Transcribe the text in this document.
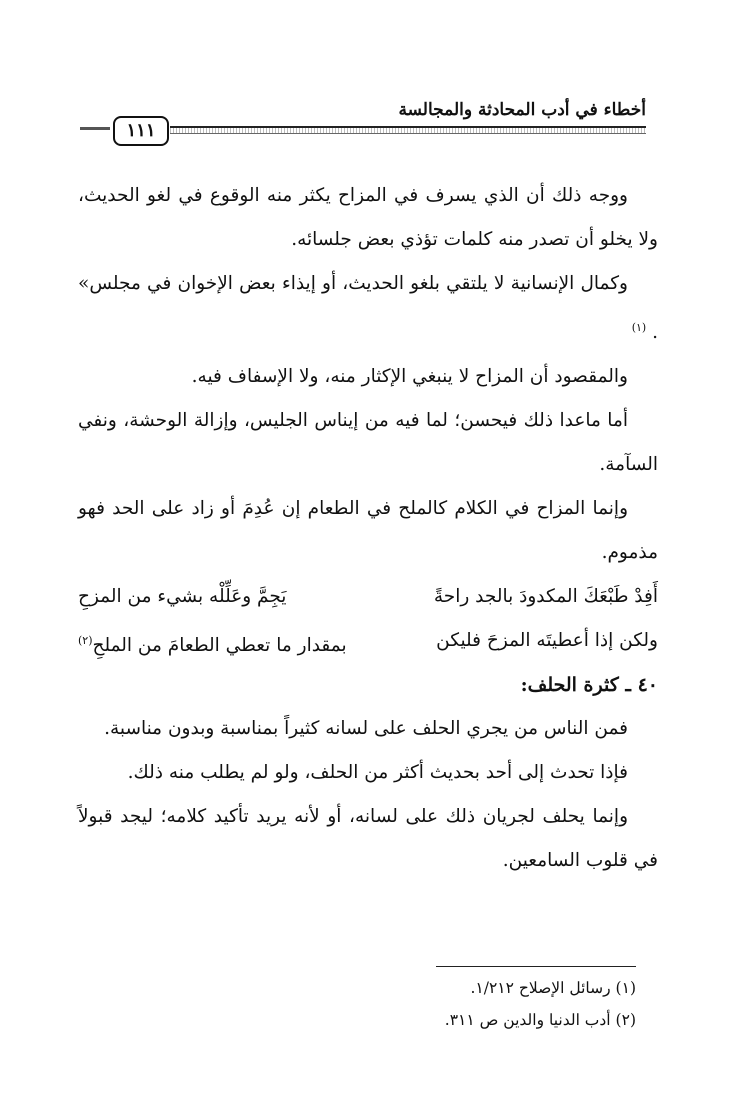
أخطاء في أدب المحادثة والمجالسة
١١١

ووجه ذلك أن الذي يسرف في المزاح يكثر منه الوقوع في لغو الحديث، ولا يخلو أن تصدر منه كلمات تؤذي بعض جلسائه.

وكمال الإنسانية لا يلتقي بلغو الحديث، أو إيذاء بعض الإخوان في مجلس» . $^{(١)}$

والمقصود أن المزاح لا ينبغي الإكثار منه، ولا الإسفاف فيه.

أما ماعدا ذلك فيحسن؛ لما فيه من إيناس الجليس، وإزالة الوحشة، ونفي السآمة.

وإنما المزاح في الكلام كالملح في الطعام إن عُدِمَ أو زاد على الحد فهو مذموم.

أَفِدْ طَبْعَكَ المكدودَ بالجد راحةً
يَجِمَّ وعَلِّلْه بشيء من المزحِ
ولكن إذا أعطيتَه المزحَ فليكن
بمقدار ما تعطي الطعامَ من الملحِ$^{(٢)}$

٤٠ ـ كثرة الحلف:

فمن الناس من يجري الحلف على لسانه كثيراً بمناسبة وبدون مناسبة.

فإذا تحدث إلى أحد بحديث أكثر من الحلف، ولو لم يطلب منه ذلك.

وإنما يحلف لجريان ذلك على لسانه، أو لأنه يريد تأكيد كلامه؛ ليجد قبولاً في قلوب السامعين.

(١) رسائل الإصلاح ١/٢١٢.
(٢) أدب الدنيا والدين ص ٣١١.
